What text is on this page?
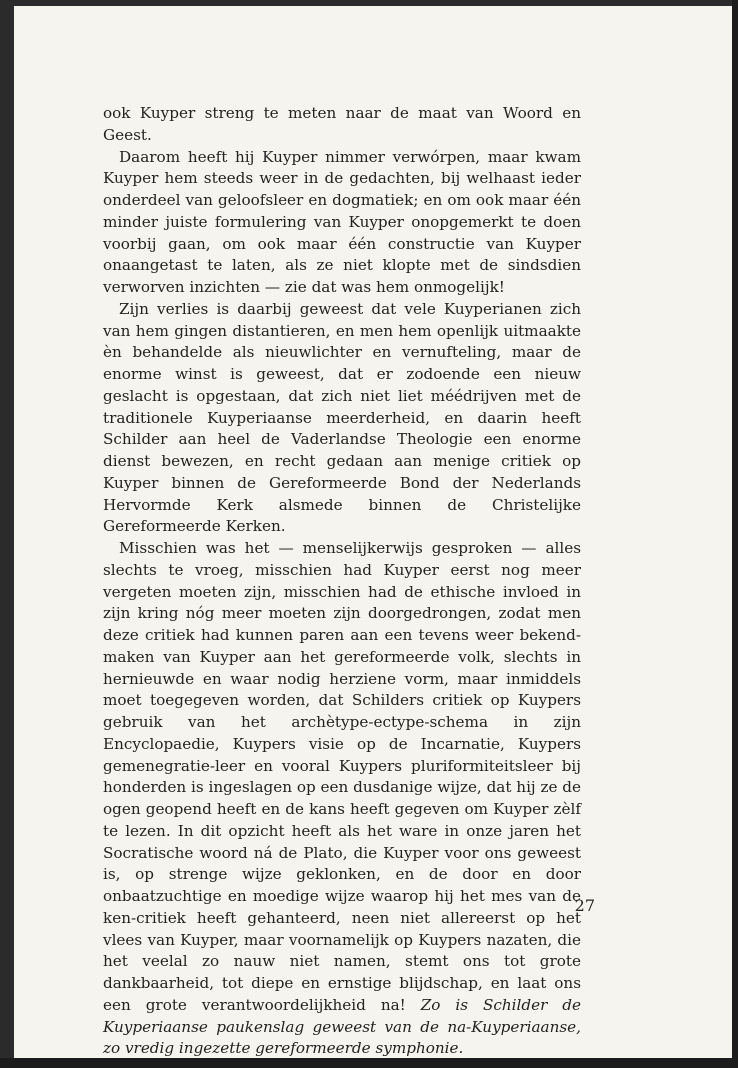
ook Kuyper streng te meten naar de maat van Woord en Geest.

Daarom heeft hij Kuyper nimmer verwórpen, maar kwam Kuyper hem steeds weer in de gedachten, bij welhaast ieder onderdeel van geloofsleer en dogmatiek; en om ook maar één minder juiste formulering van Kuyper onopgemerkt te doen voorbij gaan, om ook maar één constructie van Kuyper onaangetast te laten, als ze niet klopte met de sindsdien verworven inzichten — zie dat was hem onmogelijk!

Zijn verlies is daarbij geweest dat vele Kuyperianen zich van hem gingen distantieren, en men hem openlijk uitmaakte èn behandelde als nieuwlichter en vernufteling, maar de enorme winst is geweest, dat er zodoende een nieuw geslacht is opgestaan, dat zich niet liet méédrijven met de traditionele Kuyperiaanse meerderheid, en daarin heeft Schilder aan heel de Vaderlandse Theologie een enorme dienst bewezen, en recht gedaan aan menige critiek op Kuyper binnen de Gereformeerde Bond der Nederlands Hervormde Kerk alsmede binnen de Christelijke Gereformeerde Kerken.

Misschien was het — menselijkerwijs gesproken — alles slechts te vroeg, misschien had Kuyper eerst nog meer vergeten moeten zijn, misschien had de ethische invloed in zijn kring nóg meer moeten zijn doorgedrongen, zodat men deze critiek had kunnen paren aan een tevens weer bekend-maken van Kuyper aan het gereformeerde volk, slechts in hernieuwde en waar nodig herziene vorm, maar inmiddels moet toegegeven worden, dat Schilders critiek op Kuypers gebruik van het archètype-ectype-schema in zijn Encyclopaedie, Kuypers visie op de Incarnatie, Kuypers gemenegratie-leer en vooral Kuypers pluriformiteitsleer bij honderden is ingeslagen op een dusdanige wijze, dat hij ze de ogen geopend heeft en de kans heeft gegeven om Kuyper zèlf te lezen. In dit opzicht heeft als het ware in onze jaren het Socratische woord ná de Plato, die Kuyper voor ons geweest is, op strenge wijze geklonken, en de door en door onbaatzuchtige en moedige wijze waarop hij het mes van de ken-critiek heeft gehanteerd, neen niet allereerst op het vlees van Kuyper, maar voornamelijk op Kuypers nazaten, die het veelal zo nauw niet namen, stemt ons tot grote dankbaarheid, tot diepe en ernstige blijdschap, en laat ons een grote verantwoordelijkheid na! Zo is Schilder de Kuyperiaanse paukenslag geweest van de na-Kuyperiaanse, zo vredig ingezette gereformeerde symphonie.

27
